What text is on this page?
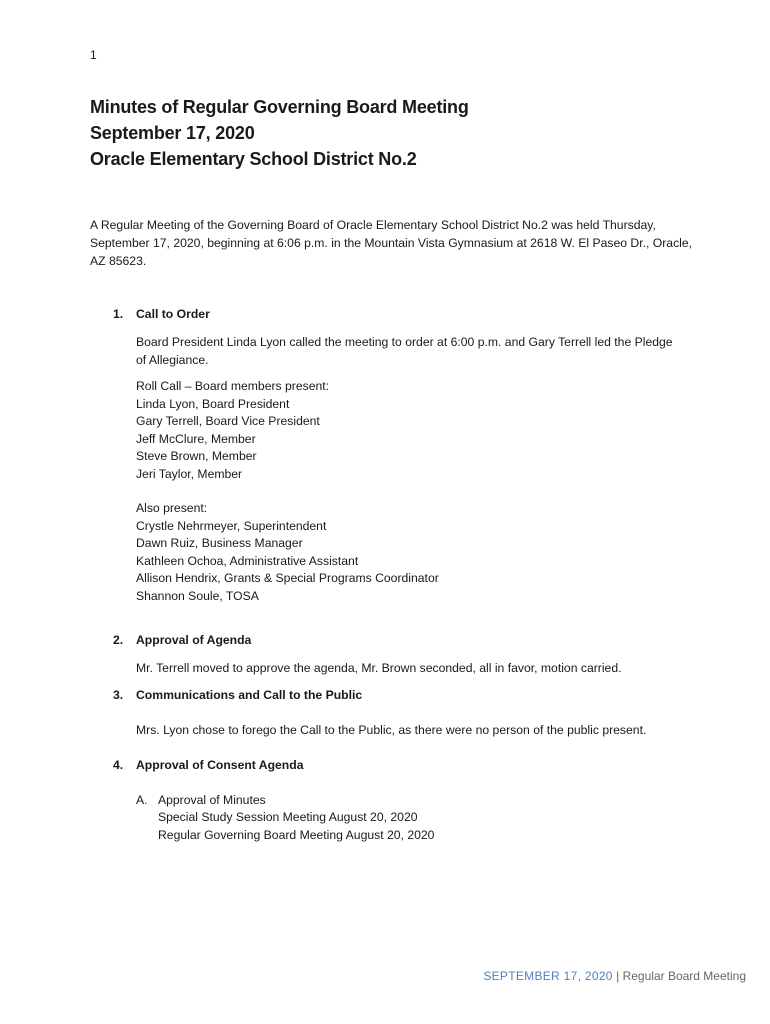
1
Minutes of Regular Governing Board Meeting
September 17, 2020
Oracle Elementary School District No.2
A Regular Meeting of the Governing Board of Oracle Elementary School District No.2 was held Thursday, September 17, 2020, beginning at 6:06 p.m. in the Mountain Vista Gymnasium at 2618 W. El Paseo Dr., Oracle, AZ 85623.
1. Call to Order
Board President Linda Lyon called the meeting to order at 6:00 p.m. and Gary Terrell led the Pledge of Allegiance.
Roll Call – Board members present:
Linda Lyon, Board President
Gary Terrell, Board Vice President
Jeff McClure, Member
Steve Brown, Member
Jeri Taylor, Member
Also present:
Crystle Nehrmeyer, Superintendent
Dawn Ruiz, Business Manager
Kathleen Ochoa, Administrative Assistant
Allison Hendrix, Grants & Special Programs Coordinator
Shannon Soule, TOSA
2. Approval of Agenda
Mr. Terrell moved to approve the agenda, Mr. Brown seconded, all in favor, motion carried.
3. Communications and Call to the Public
Mrs. Lyon chose to forego the Call to the Public, as there were no person of the public present.
4. Approval of Consent Agenda
A. Approval of Minutes
Special Study Session Meeting August 20, 2020
Regular Governing Board Meeting August 20, 2020
SEPTEMBER 17, 2020 | Regular Board Meeting
